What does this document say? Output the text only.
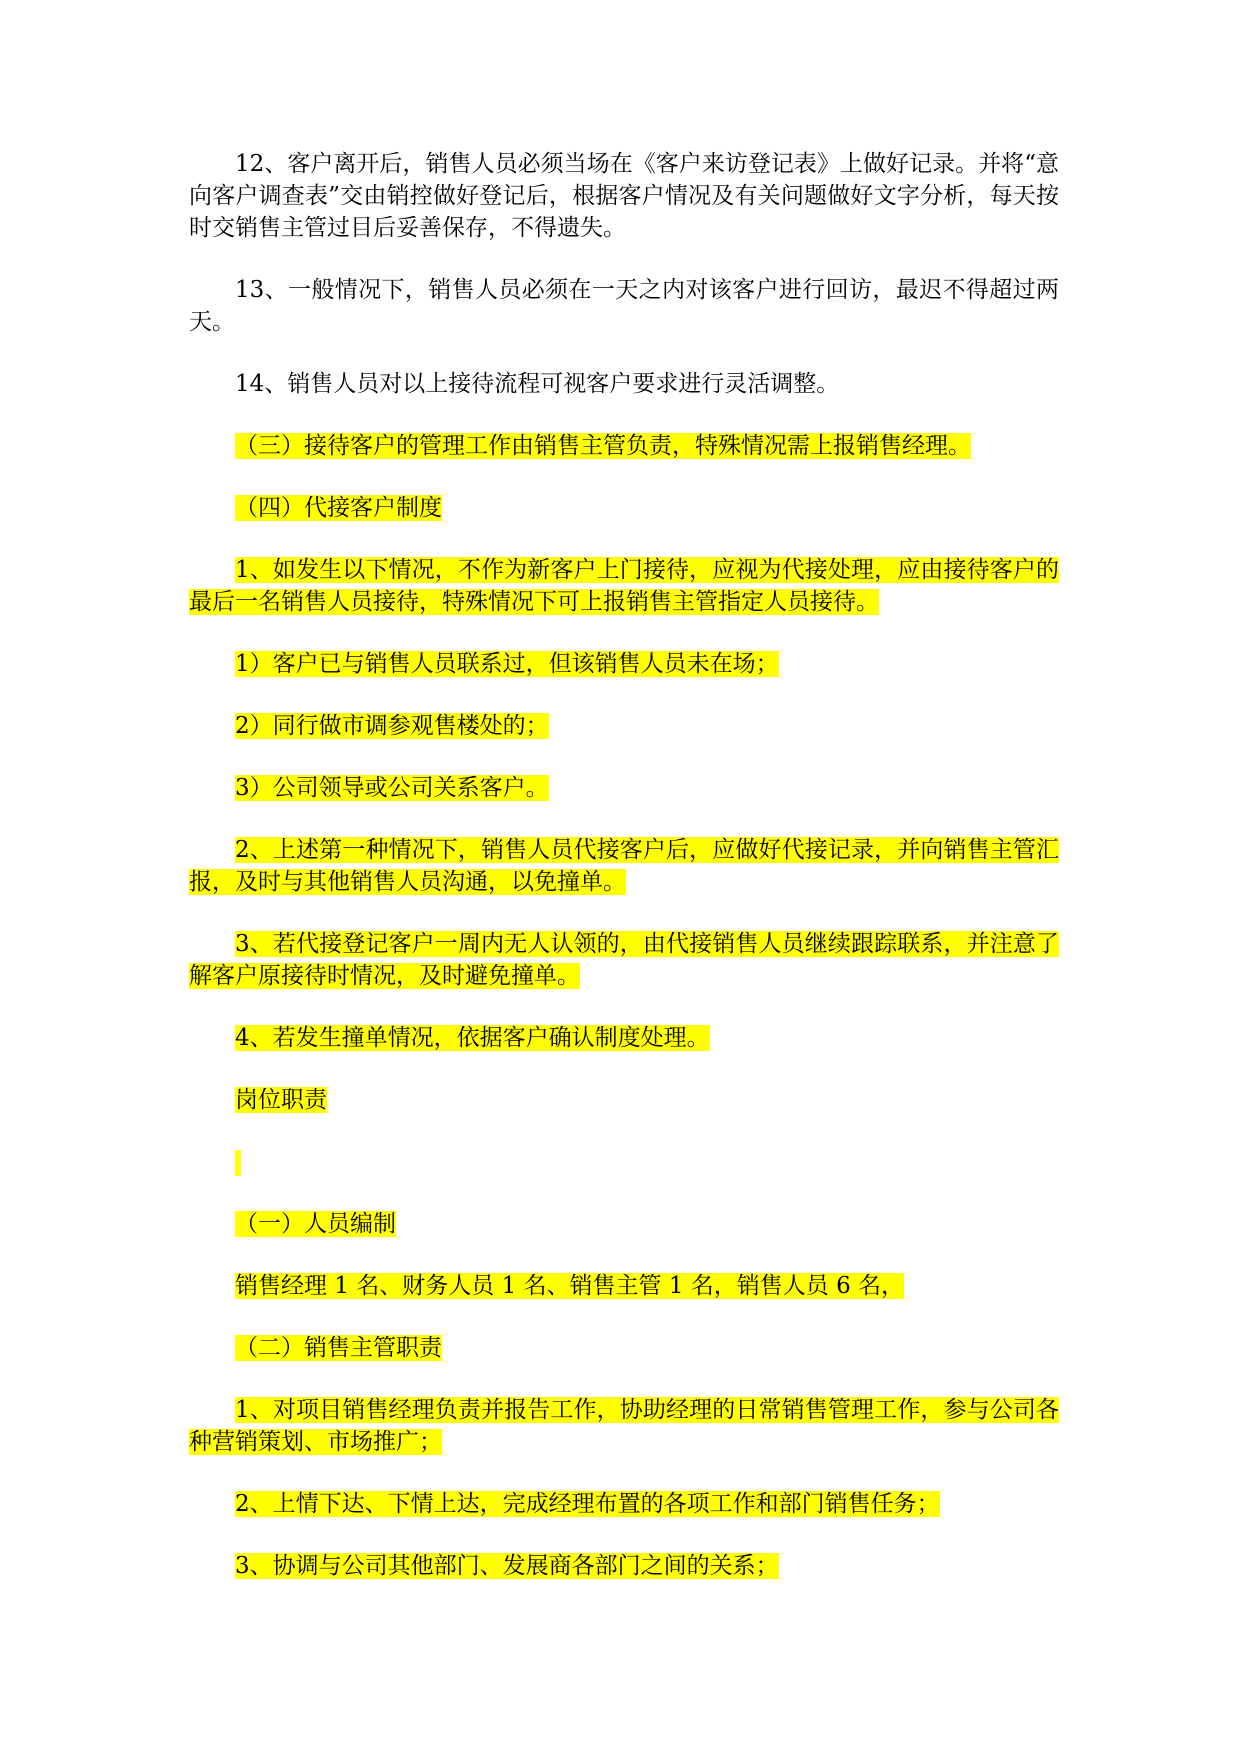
12、客户离开后，销售人员必须当场在《客户来访登记表》上做好记录。并将“意向客户调查表”交由销控做好登记后，根据客户情况及有关问题做好文字分析，每天按时交销售主管过目后妥善保存，不得遗失。

13、一般情况下，销售人员必须在一天之内对该客户进行回访，最迟不得超过两天。

14、销售人员对以上接待流程可视客户要求进行灵活调整。

（三）接待客户的管理工作由销售主管负责，特殊情况需上报销售经理。

（四）代接客户制度

1、如发生以下情况，不作为新客户上门接待，应视为代接处理，应由接待客户的最后一名销售人员接待，特殊情况下可上报销售主管指定人员接待。

1）客户已与销售人员联系过，但该销售人员未在场；

2）同行做市调参观售楼处的；

3）公司领导或公司关系客户。

2、上述第一种情况下，销售人员代接客户后，应做好代接记录，并向销售主管汇报，及时与其他销售人员沟通，以免撞单。

3、若代接登记客户一周内无人认领的，由代接销售人员继续跟踪联系，并注意了解客户原接待时情况，及时避免撞单。

4、若发生撞单情况，依据客户确认制度处理。

岗位职责

（一）人员编制

销售经理 1 名、财务人员 1 名、销售主管 1 名，销售人员 6 名，

（二）销售主管职责

1、对项目销售经理负责并报告工作，协助经理的日常销售管理工作，参与公司各种营销策划、市场推广；

2、上情下达、下情上达，完成经理布置的各项工作和部门销售任务；

3、协调与公司其他部门、发展商各部门之间的关系；
